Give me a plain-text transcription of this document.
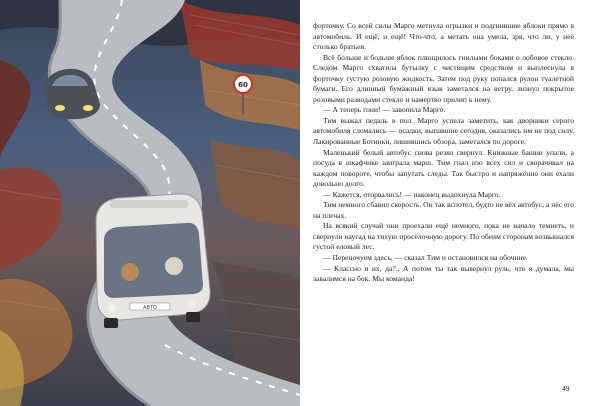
60
АВТО

форточку. Со всей силы Марго метнула огрызки и подгнившие яблоки прямо в автомобиль. И ещё, и ещё! Что-что, а метать она умела, зря, что ли, у неё столько братьев.

Всё больше и больше яблок плющилось гнилыми боками о лобовое стекло. Следом Марго схватила бутылку с чистящим средством и выплеснула в форточку густую розовую жидкость. Затем под руку попался рулон туалетной бумаги. Его длинный бумажный язык заметался на ветру, лизнул покрытое розовыми разводами стекло и намертво прилип к нему.

— А теперь гони! — завопила Марго.

Тим выжал педаль в пол. Марго успела заметить, как дворники серого автомобиля сломались — осадки, выпавшие сегодня, оказались им не под силу. Лакированные Ботинки, лишившись обзора, заметался по дороге.

Маленький белый автобус снова резко свернул. Книжные башни упали, а посуда в шкафчике заиграла марш. Тим гнал изо всех сил и сворачивал на каждом повороте, чтобы запутать следы. Так быстро и напряжённо они ехали довольно долго.

— Кажется, оторвались! — наконец выдохнула Марго.

Тим немного сбавил скорость. Он так вспотел, будто не вёл автобус, а нёс его на плечах.

На всякий случай они проехали ещё немного, пока не начало темнеть, и свернули наугад на тихую просёлочную дорогу. По обеим сторонам возвышался густой еловый лес.

— Переночуем здесь, — сказал Тим и остановился на обочине.

— Классно и их, да?.. А потом ты так вывернул руль, что я думала, мы завалимся на бок. Мы команда!

49
